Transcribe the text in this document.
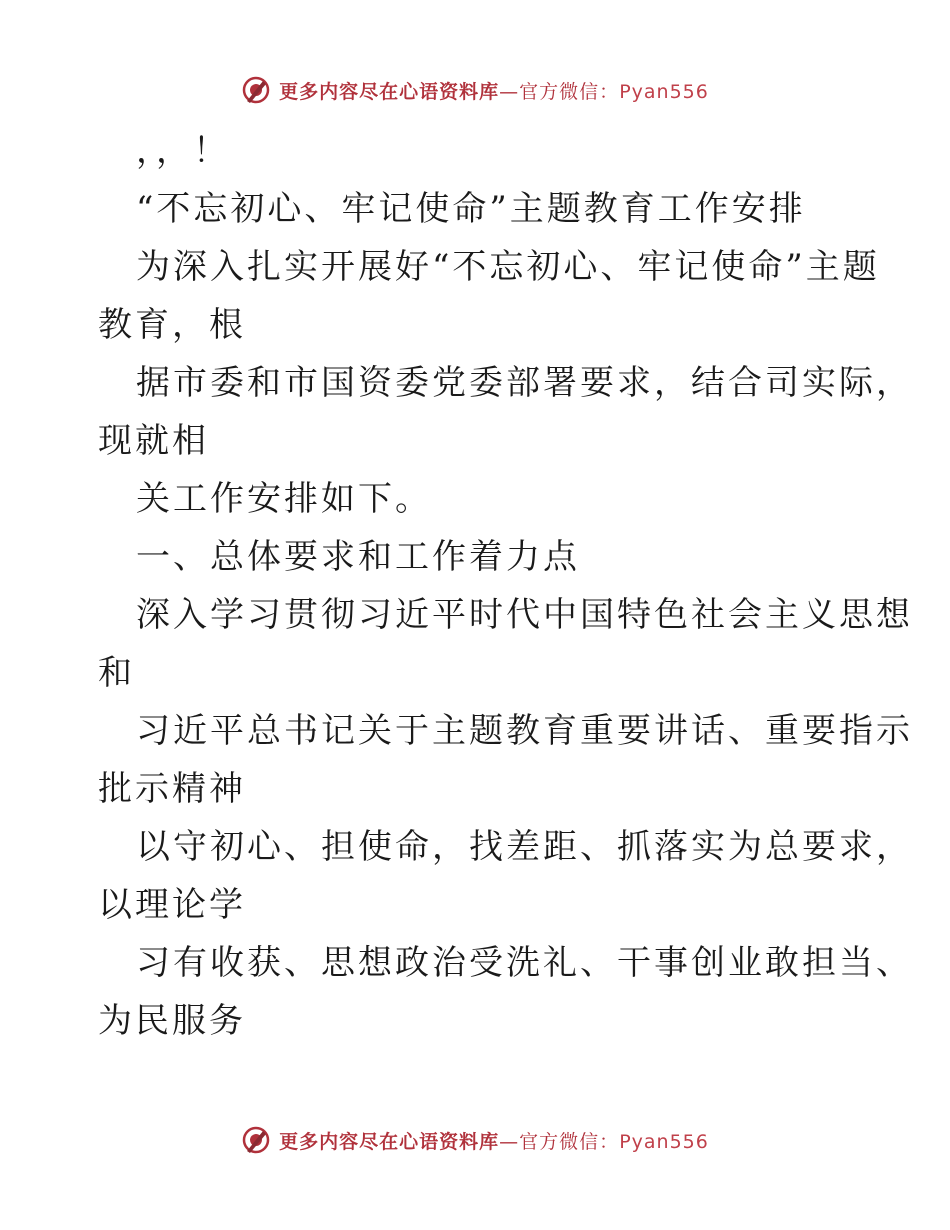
更多内容尽在心语资料库—官方微信：Pyan556
，，！
“不忘初心、牢记使命”主题教育工作安排
为深入扎实开展好“不忘初心、牢记使命”主题
教育，根
据市委和市国资委党委部署要求，结合司实际，
现就相
关工作安排如下。
一、总体要求和工作着力点
深入学习贯彻习近平时代中国特色社会主义思想
和
习近平总书记关于主题教育重要讲话、重要指示
批示精神
以守初心、担使命，找差距、抓落实为总要求，
以理论学
习有收获、思想政治受洗礼、干事创业敢担当、
为民服务
更多内容尽在心语资料库—官方微信：Pyan556
